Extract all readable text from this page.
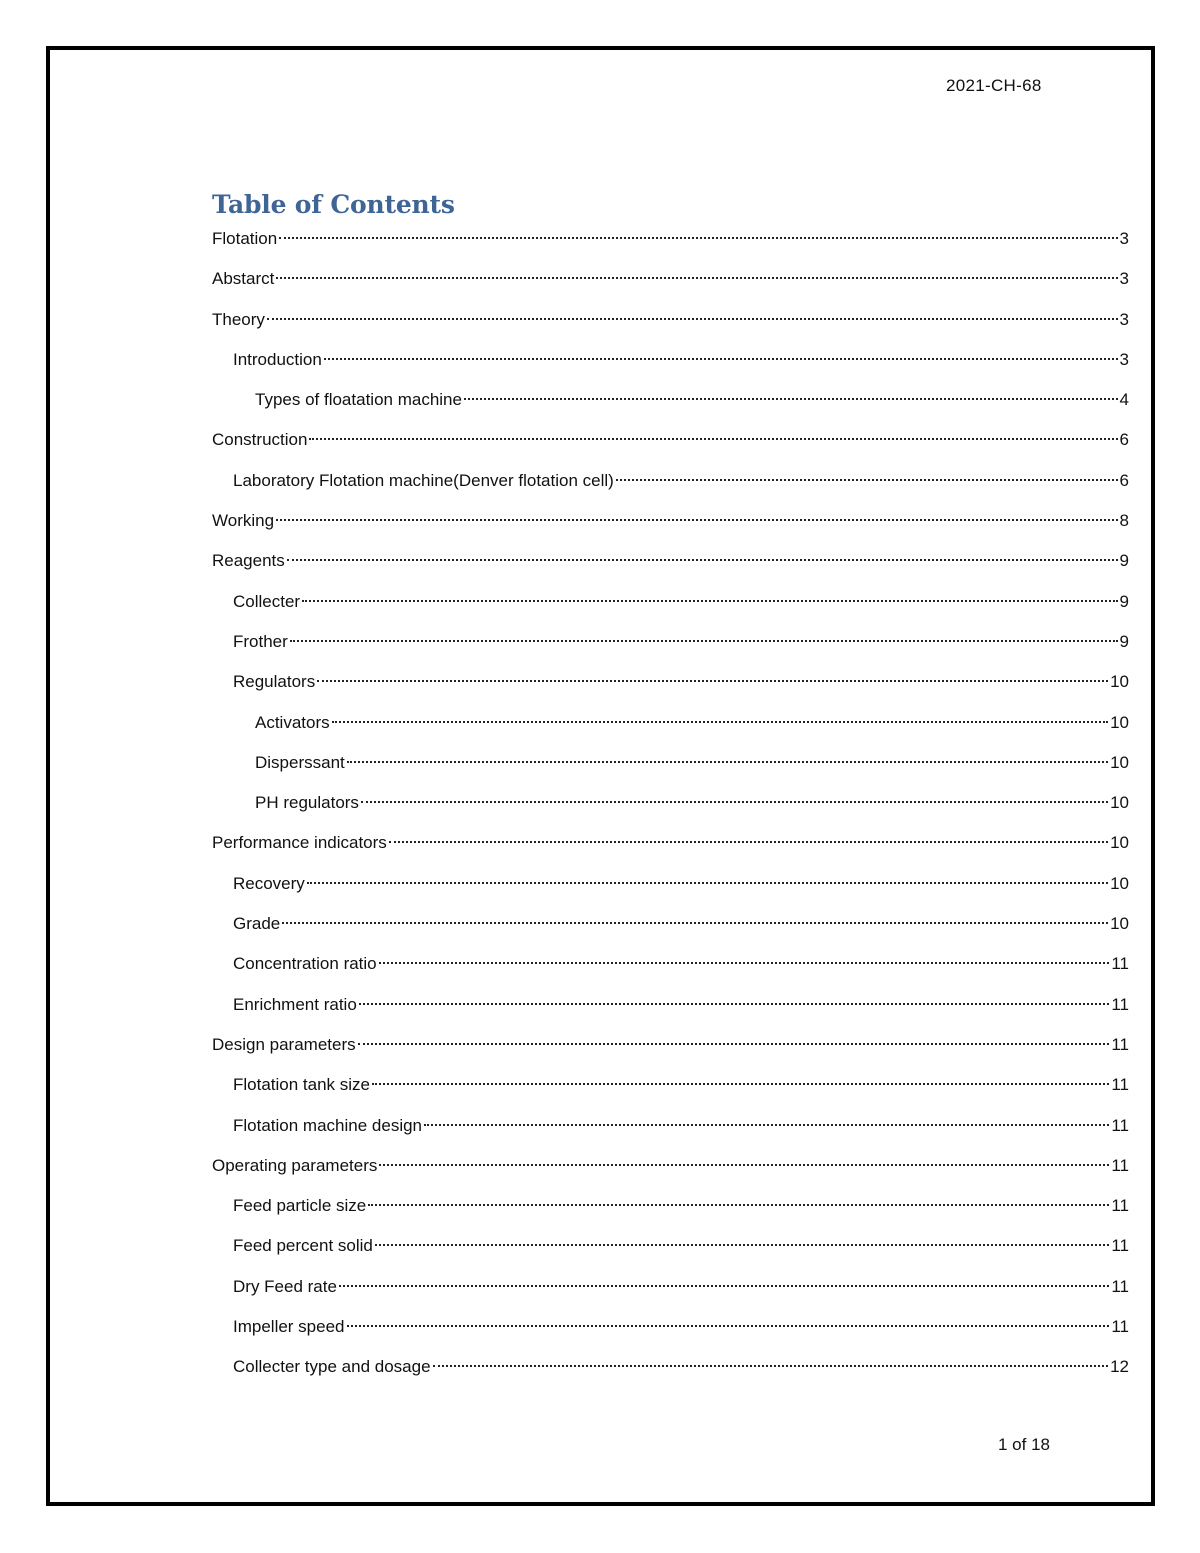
2021-CH-68
Table of Contents
Flotation	3
Abstarct	3
Theory	3
Introduction	3
Types of floatation machine	4
Construction	6
Laboratory Flotation machine(Denver flotation cell)	6
Working	8
Reagents	9
Collecter	9
Frother	9
Regulators	10
Activators	10
Disperssant	10
PH regulators	10
Performance indicators	10
Recovery	10
Grade	10
Concentration ratio	11
Enrichment ratio	11
Design parameters	11
Flotation tank size	11
Flotation machine design	11
Operating parameters	11
Feed particle size	11
Feed percent solid	11
Dry Feed rate	11
Impeller speed	11
Collecter type and dosage	12
1 of 18
